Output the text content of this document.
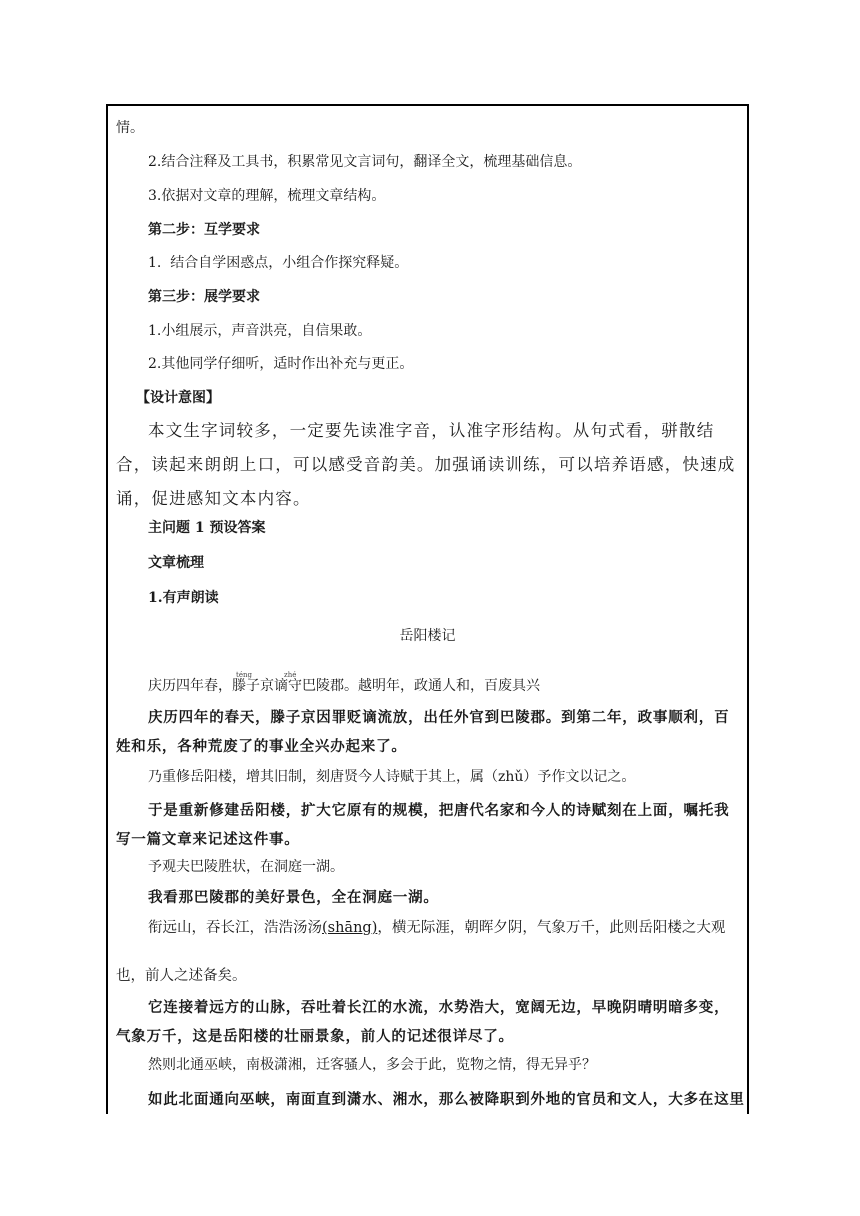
情。
2.结合注释及工具书，积累常见文言词句，翻译全文，梳理基础信息。
3.依据对文章的理解，梳理文章结构。
第二步：互学要求
1.  结合自学困惑点，小组合作探究释疑。
第三步：展学要求
1.小组展示，声音洪亮，自信果敢。
2.其他同学仔细听，适时作出补充与更正。
【设计意图】
本文生字词较多，一定要先读准字音，认准字形结构。从句式看，骈散结合，读起来朗朗上口，可以感受音韵美。加强诵读训练，可以培养语感，快速成诵，促进感知文本内容。
主问题 1 预设答案
文章梳理
1.有声朗读
岳阳楼记
téng	zhé
庆历四年春，滕子京谪守巴陵郡。越明年，政通人和，百废具兴
庆历四年的春天，滕子京因罪贬谪流放，出任外官到巴陵郡。到第二年，政事顺利，百姓和乐，各种荒废了的事业全兴办起来了。
乃重修岳阳楼，增其旧制，刻唐贤今人诗赋于其上，属（zhǔ）予作文以记之。
于是重新修建岳阳楼，扩大它原有的规模，把唐代名家和今人的诗赋刻在上面，嘱托我写一篇文章来记述这件事。
予观夫巴陵胜状，在洞庭一湖。
我看那巴陵郡的美好景色，全在洞庭一湖。
衔远山，吞长江，浩浩汤汤(shāng)，横无际涯，朝晖夕阴，气象万千，此则岳阳楼之大观
也，前人之述备矣。
它连接着远方的山脉，吞吐着长江的水流，水势浩大，宽阔无边，早晚阴晴明暗多变，气象万千，这是岳阳楼的壮丽景象，前人的记述很详尽了。
然则北通巫峡，南极潇湘，迁客骚人，多会于此，览物之情，得无异乎？
如此北面通向巫峡，南面直到潇水、湘水，那么被降职到外地的官员和文人，大多在这里
